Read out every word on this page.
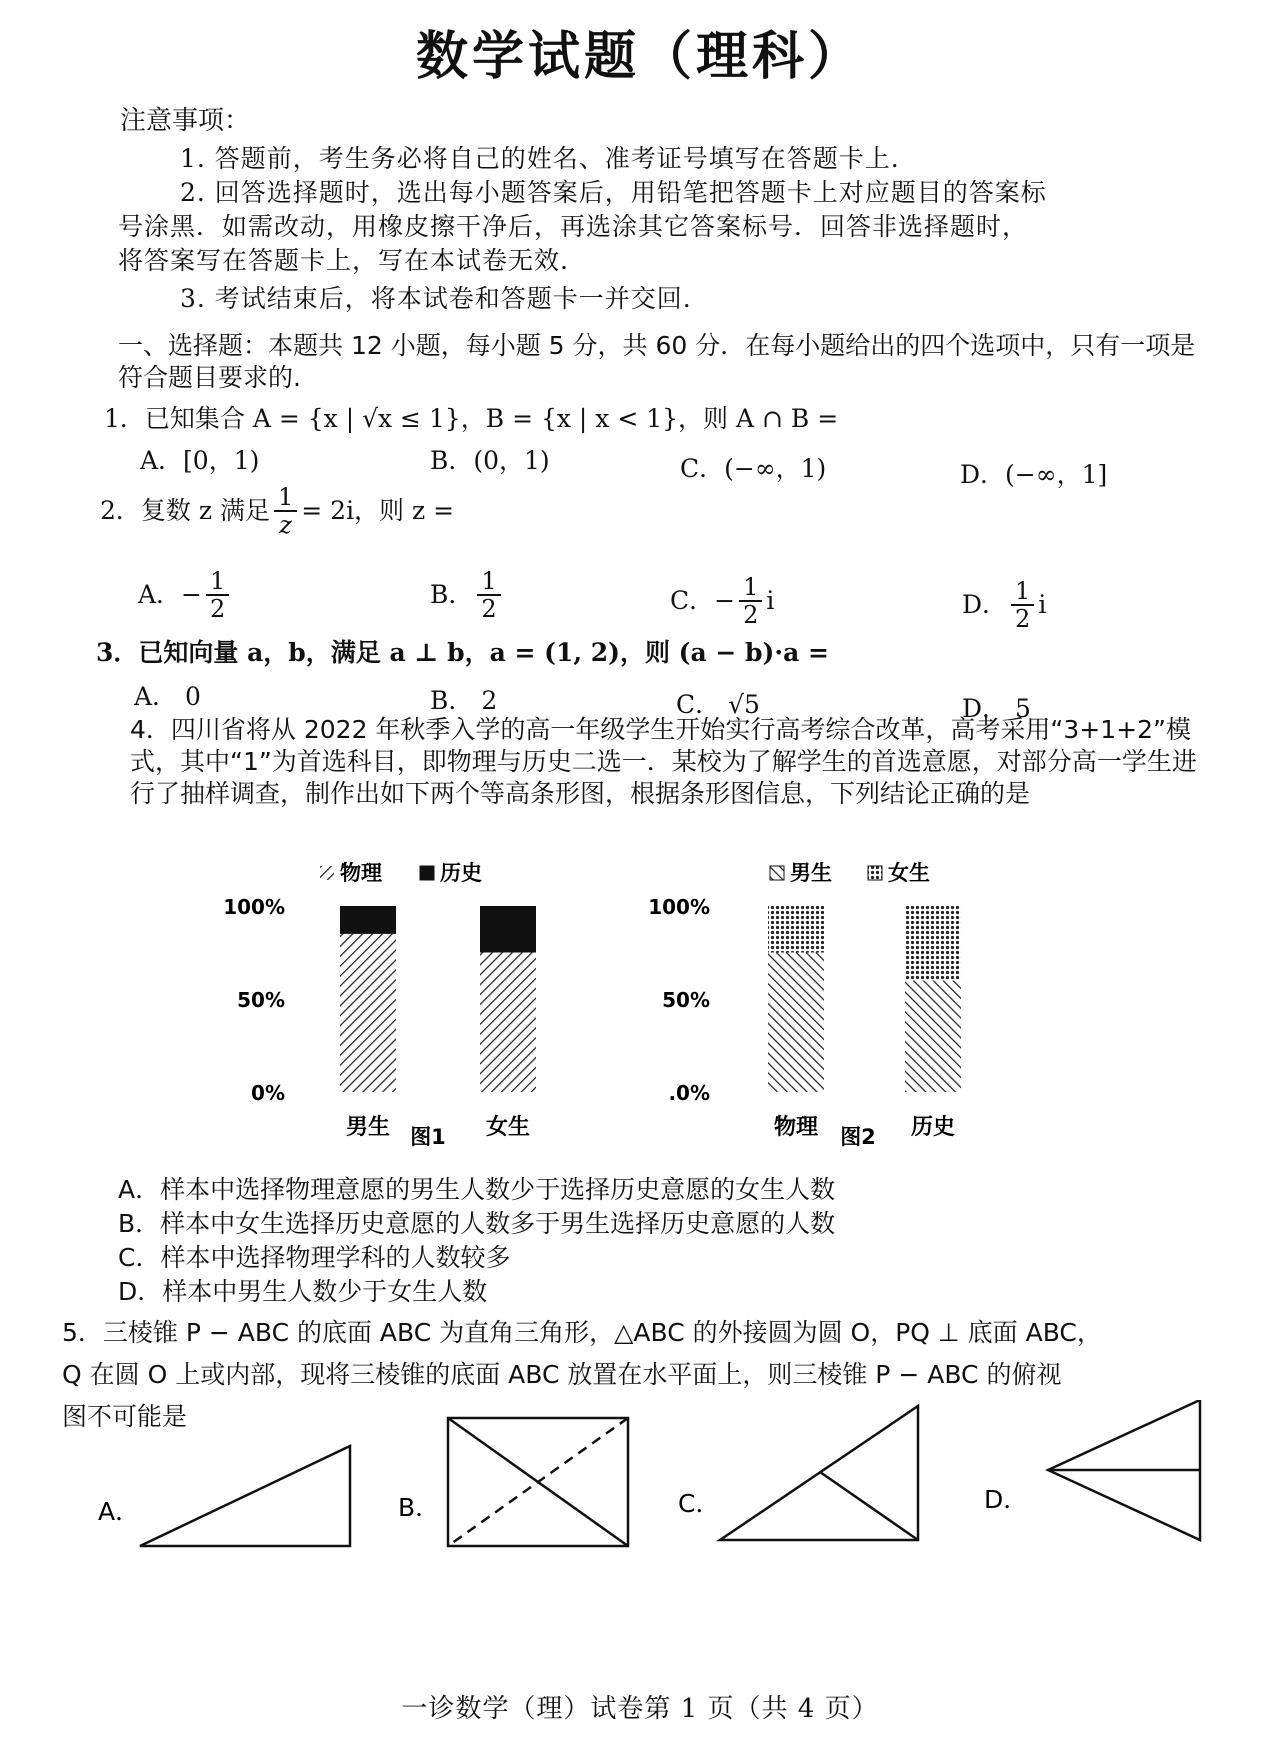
数学试题（理科）
注意事项：
1. 答题前，考生务必将自己的姓名、准考证号填写在答题卡上.
2. 回答选择题时，选出每小题答案后，用铅笔把答题卡上对应题目的答案标
号涂黑．如需改动，用橡皮擦干净后，再选涂其它答案标号．回答非选择题时，
将答案写在答题卡上，写在本试卷无效.
3. 考试结束后，将本试卷和答题卡一并交回.
一、选择题：本题共 12 小题，每小题 5 分，共 60 分．在每小题给出的四个选项中，只有一项是符合题目要求的.
1．已知集合 A = {x | √x ≤ 1}，B = {x | x < 1}，则 A ∩ B =
A．[0，1)	B．(0，1)	C．(−∞，1)	D．(−∞，1]
2．复数 z 满足 $\frac{1}{z} = 2i$，则 z =
A．− $\frac{1}{2}$	B． $\frac{1}{2}$	C．− $\frac{1}{2}$ i	D． $\frac{1}{2}$ i
3．已知向量 a，b，满足 a ⊥ b，a = (1, 2)，则 (a − b)·a =
A． 0	B． 2	C． √5	D． 5
4．四川省将从 2022 年秋季入学的高一年级学生开始实行高考综合改革，高考采用“3+1+2”模式，其中“1”为首选科目，即物理与历史二选一．某校为了解学生的首选意愿，对部分高一学生进行了抽样调查，制作出如下两个等高条形图，根据条形图信息，下列结论正确的是
物理	历史
0%
50%
100%
男生	女生
图1
男生	女生
.0%
50%
100%
物理	历史
图2
A．样本中选择物理意愿的男生人数少于选择历史意愿的女生人数
B．样本中女生选择历史意愿的人数多于男生选择历史意愿的人数
C．样本中选择物理学科的人数较多
D．样本中男生人数少于女生人数
5．三棱锥 P − ABC 的底面 ABC 为直角三角形，△ABC 的外接圆为圆 O，PQ ⊥ 底面 ABC，
Q 在圆 O 上或内部，现将三棱锥的底面 ABC 放置在水平面上，则三棱锥 P − ABC 的俯视
图不可能是
A．	B．	C．	D．
一诊数学（理）试卷第 1 页（共 4 页）
